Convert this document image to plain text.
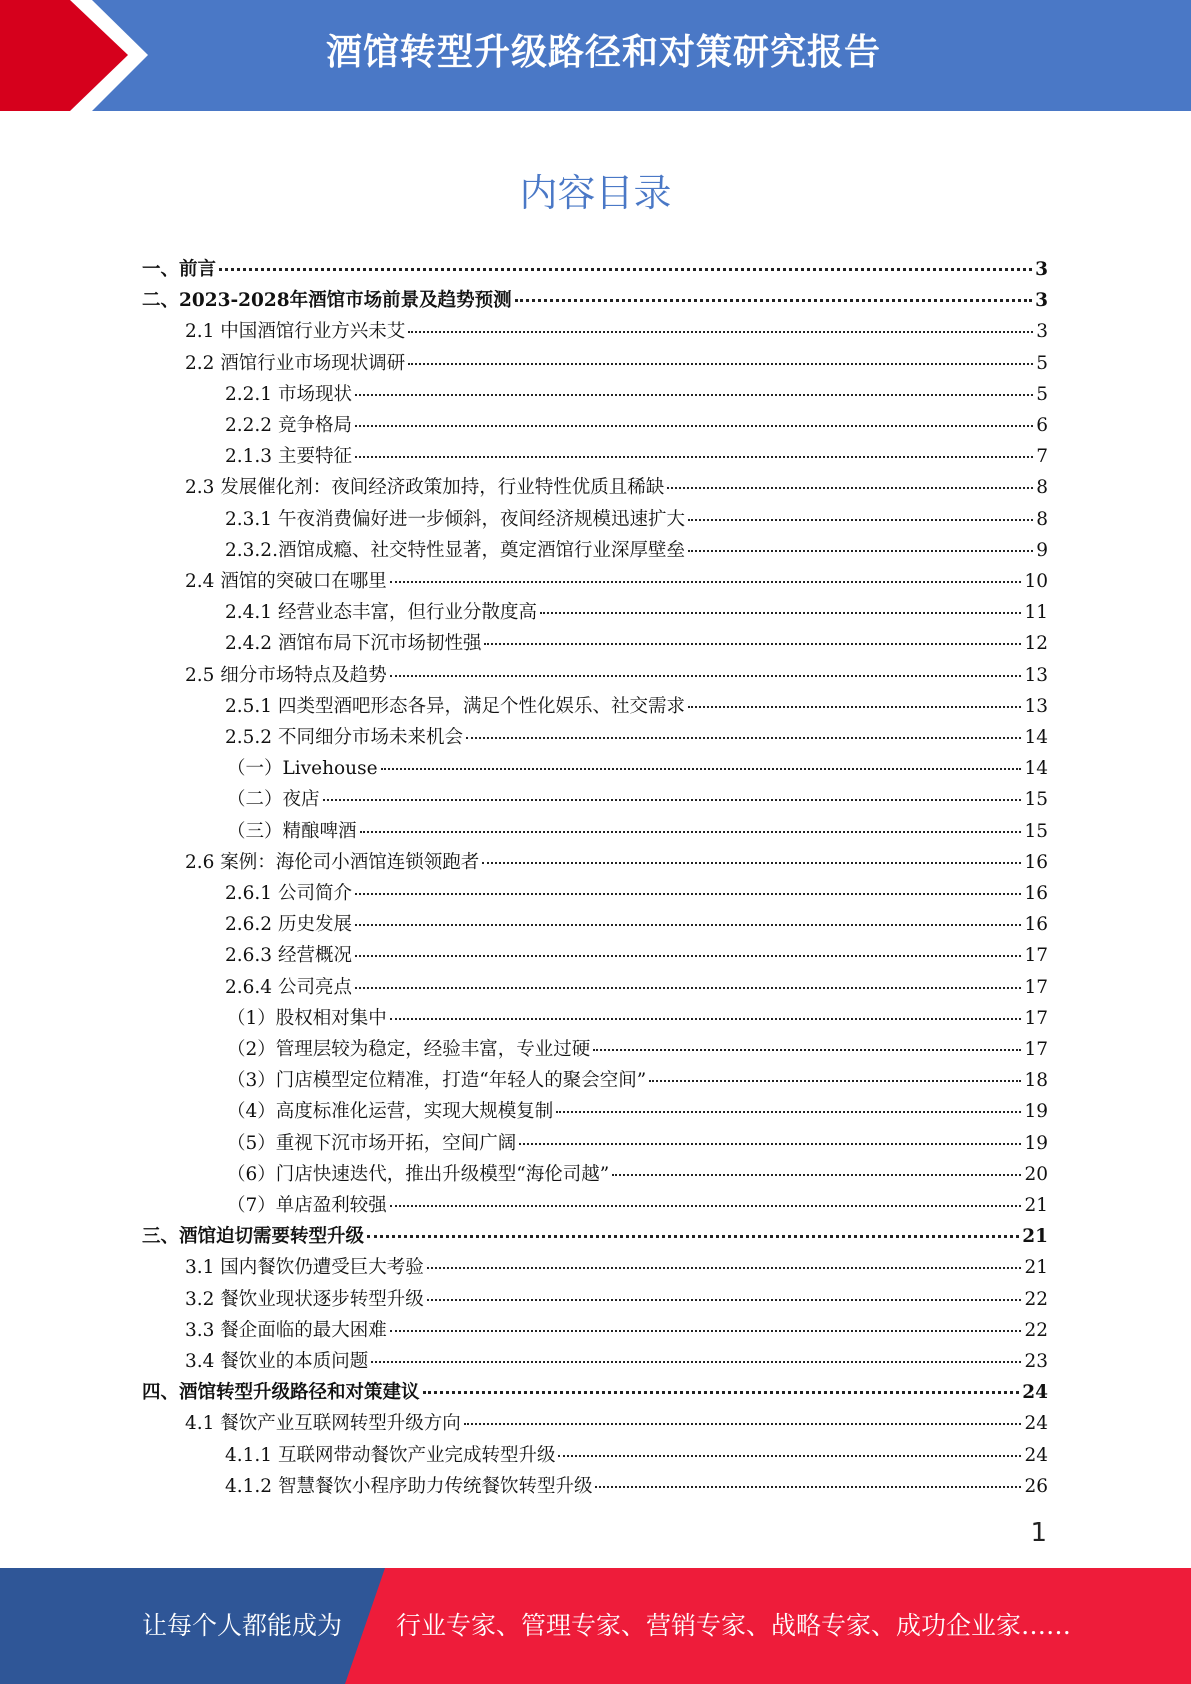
酒馆转型升级路径和对策研究报告
内容目录
一、前言	3
二、2023-2028年酒馆市场前景及趋势预测	3
2.1 中国酒馆行业方兴未艾	3
2.2 酒馆行业市场现状调研	5
2.2.1 市场现状	5
2.2.2 竞争格局	6
2.1.3 主要特征	7
2.3 发展催化剂：夜间经济政策加持，行业特性优质且稀缺	8
2.3.1 午夜消费偏好进一步倾斜，夜间经济规模迅速扩大	8
2.3.2.酒馆成瘾、社交特性显著，奠定酒馆行业深厚壁垒	9
2.4 酒馆的突破口在哪里	10
2.4.1 经营业态丰富，但行业分散度高	11
2.4.2 酒馆布局下沉市场韧性强	12
2.5 细分市场特点及趋势	13
2.5.1 四类型酒吧形态各异，满足个性化娱乐、社交需求	13
2.5.2 不同细分市场未来机会	14
（一）Livehouse	14
（二）夜店	15
（三）精酿啤酒	15
2.6 案例：海伦司小酒馆连锁领跑者	16
2.6.1 公司简介	16
2.6.2 历史发展	16
2.6.3 经营概况	17
2.6.4 公司亮点	17
（1）股权相对集中	17
（2）管理层较为稳定，经验丰富，专业过硬	17
（3）门店模型定位精准，打造“年轻人的聚会空间”	18
（4）高度标准化运营，实现大规模复制	19
（5）重视下沉市场开拓，空间广阔	19
（6）门店快速迭代，推出升级模型“海伦司越”	20
（7）单店盈利较强	21
三、酒馆迫切需要转型升级	21
3.1 国内餐饮仍遭受巨大考验	21
3.2 餐饮业现状逐步转型升级	22
3.3 餐企面临的最大困难	22
3.4 餐饮业的本质问题	23
四、酒馆转型升级路径和对策建议	24
4.1 餐饮产业互联网转型升级方向	24
4.1.1 互联网带动餐饮产业完成转型升级	24
4.1.2 智慧餐饮小程序助力传统餐饮转型升级	26
1
让每个人都能成为 行业专家、管理专家、营销专家、战略专家、成功企业家……
